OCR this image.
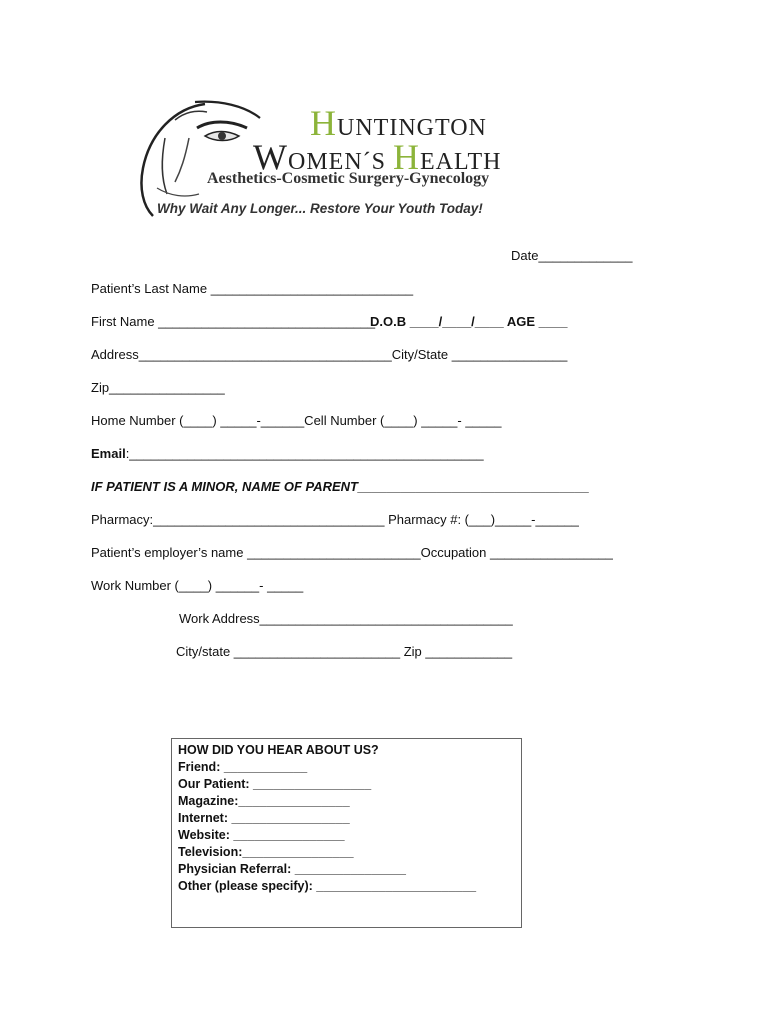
HUNTINGTON
WOMEN´S HEALTH
Aesthetics-Cosmetic Surgery-Gynecology
Why Wait Any Longer... Restore Your Youth Today!
Date_____________
Patient’s Last Name ____________________________
First Name ______________________________
D.O.B ____/____/____ AGE ____
Address___________________________________City/State ________________
Zip________________
Home Number (____) _____-______Cell Number (____) _____- _____
Email:_________________________________________________
IF PATIENT IS A MINOR, NAME OF PARENT________________________________
Pharmacy:________________________________ Pharmacy #: (___)_____-______
Patient’s employer’s name ________________________Occupation _________________
Work Number (____) ______- _____
Work Address___________________________________
City/state _______________________ Zip ____________
HOW DID YOU HEAR ABOUT US?
Friend: ____________
Our Patient: _________________
Magazine:________________
Internet: _________________
Website: ________________
Television:________________
Physician Referral: ________________
Other (please specify): _______________________
